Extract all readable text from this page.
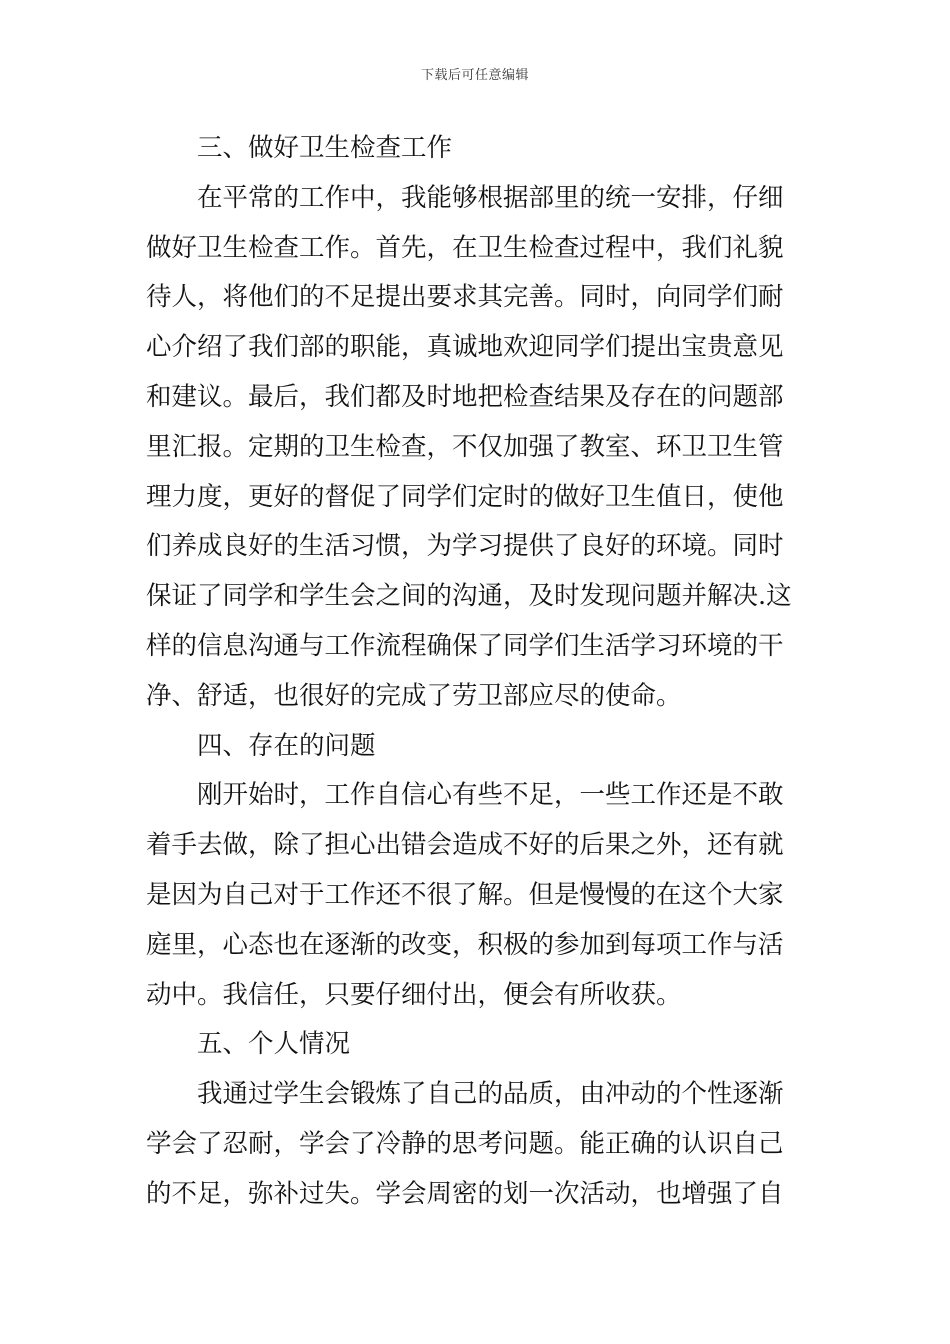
下载后可任意编辑
三、做好卫生检查工作
在平常的工作中，我能够根据部里的统一安排，仔细
做好卫生检查工作。首先，在卫生检查过程中，我们礼貌
待人，将他们的不足提出要求其完善。同时，向同学们耐
心介绍了我们部的职能，真诚地欢迎同学们提出宝贵意见
和建议。最后，我们都及时地把检查结果及存在的问题部
里汇报。定期的卫生检查，不仅加强了教室、环卫卫生管
理力度，更好的督促了同学们定时的做好卫生值日，使他
们养成良好的生活习惯，为学习提供了良好的环境。同时
保证了同学和学生会之间的沟通，及时发现问题并解决.这
样的信息沟通与工作流程确保了同学们生活学习环境的干
净、舒适，也很好的完成了劳卫部应尽的使命。
四、存在的问题
刚开始时，工作自信心有些不足，一些工作还是不敢
着手去做，除了担心出错会造成不好的后果之外，还有就
是因为自己对于工作还不很了解。但是慢慢的在这个大家
庭里，心态也在逐渐的改变，积极的参加到每项工作与活
动中。我信任，只要仔细付出，便会有所收获。
五、个人情况
我通过学生会锻炼了自己的品质，由冲动的个性逐渐
学会了忍耐，学会了冷静的思考问题。能正确的认识自己
的不足，弥补过失。学会周密的划一次活动，也增强了自
